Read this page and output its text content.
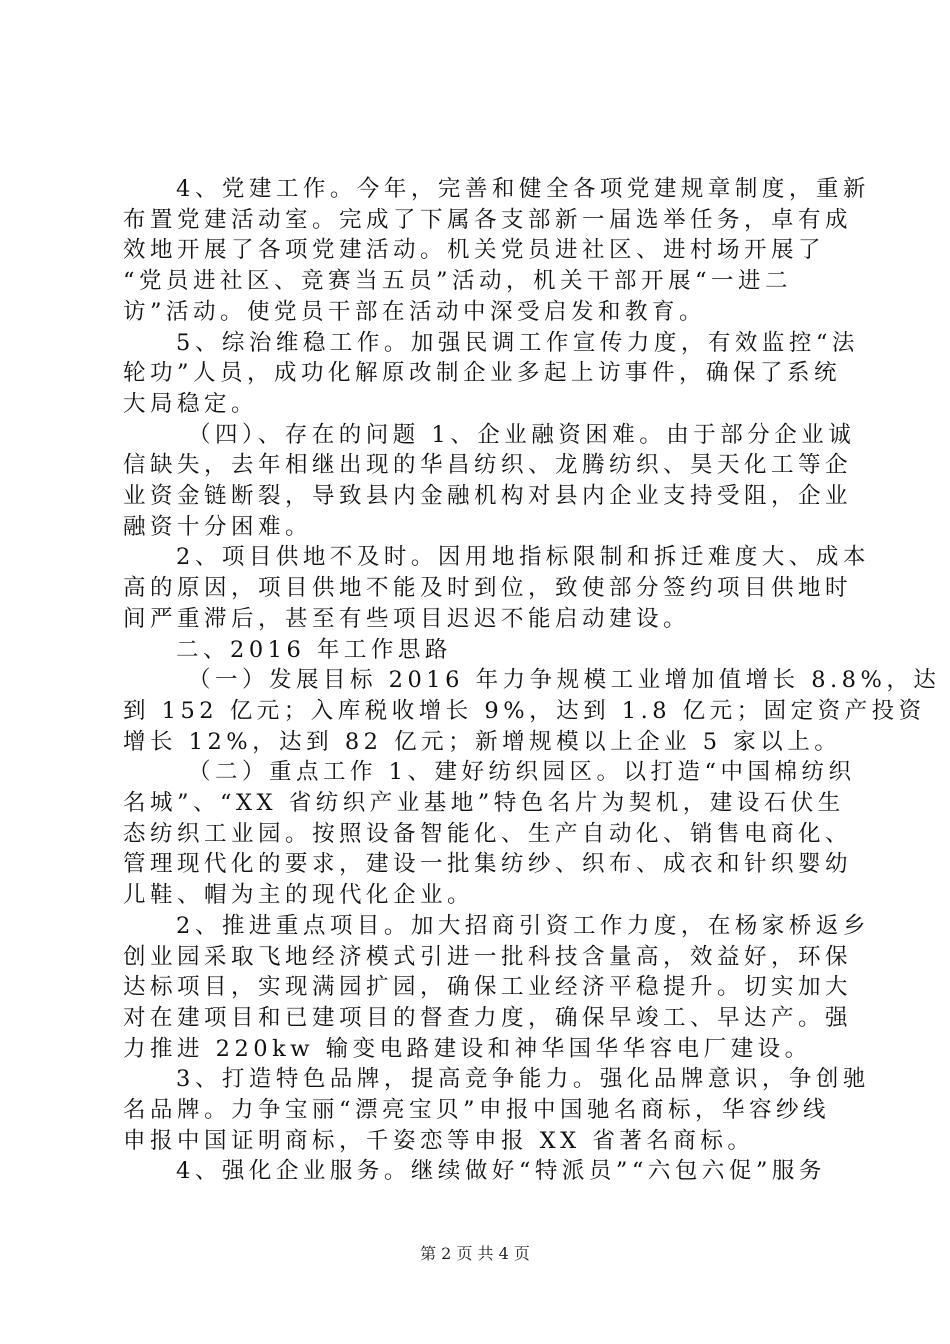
4、党建工作。今年，完善和健全各项党建规章制度，重新
布置党建活动室。完成了下属各支部新一届选举任务，卓有成
效地开展了各项党建活动。机关党员进社区、进村场开展了
“党员进社区、竞赛当五员”活动，机关干部开展“一进二
访”活动。使党员干部在活动中深受启发和教育。
5、综治维稳工作。加强民调工作宣传力度，有效监控“法
轮功”人员，成功化解原改制企业多起上访事件，确保了系统
大局稳定。
（四）、存在的问题 1、企业融资困难。由于部分企业诚
信缺失，去年相继出现的华昌纺织、龙腾纺织、昊天化工等企
业资金链断裂，导致县内金融机构对县内企业支持受阻，企业
融资十分困难。
2、项目供地不及时。因用地指标限制和拆迁难度大、成本
高的原因，项目供地不能及时到位，致使部分签约项目供地时
间严重滞后，甚至有些项目迟迟不能启动建设。
二、2016 年工作思路
（一）发展目标 2016 年力争规模工业增加值增长 8.8%，达
到 152 亿元；入库税收增长 9%，达到 1.8 亿元；固定资产投资
增长 12%，达到 82 亿元；新增规模以上企业 5 家以上。
（二）重点工作 1、建好纺织园区。以打造“中国棉纺织
名城”、“XX 省纺织产业基地”特色名片为契机，建设石伏生
态纺织工业园。按照设备智能化、生产自动化、销售电商化、
管理现代化的要求，建设一批集纺纱、织布、成衣和针织婴幼
儿鞋、帽为主的现代化企业。
2、推进重点项目。加大招商引资工作力度，在杨家桥返乡
创业园采取飞地经济模式引进一批科技含量高，效益好，环保
达标项目，实现满园扩园，确保工业经济平稳提升。切实加大
对在建项目和已建项目的督查力度，确保早竣工、早达产。强
力推进 220kw 输变电路建设和神华国华华容电厂建设。
3、打造特色品牌，提高竞争能力。强化品牌意识，争创驰
名品牌。力争宝丽“漂亮宝贝”申报中国驰名商标，华容纱线
申报中国证明商标，千姿恋等申报 XX 省著名商标。
4、强化企业服务。继续做好“特派员”“六包六促”服务
第 2 页 共 4 页
